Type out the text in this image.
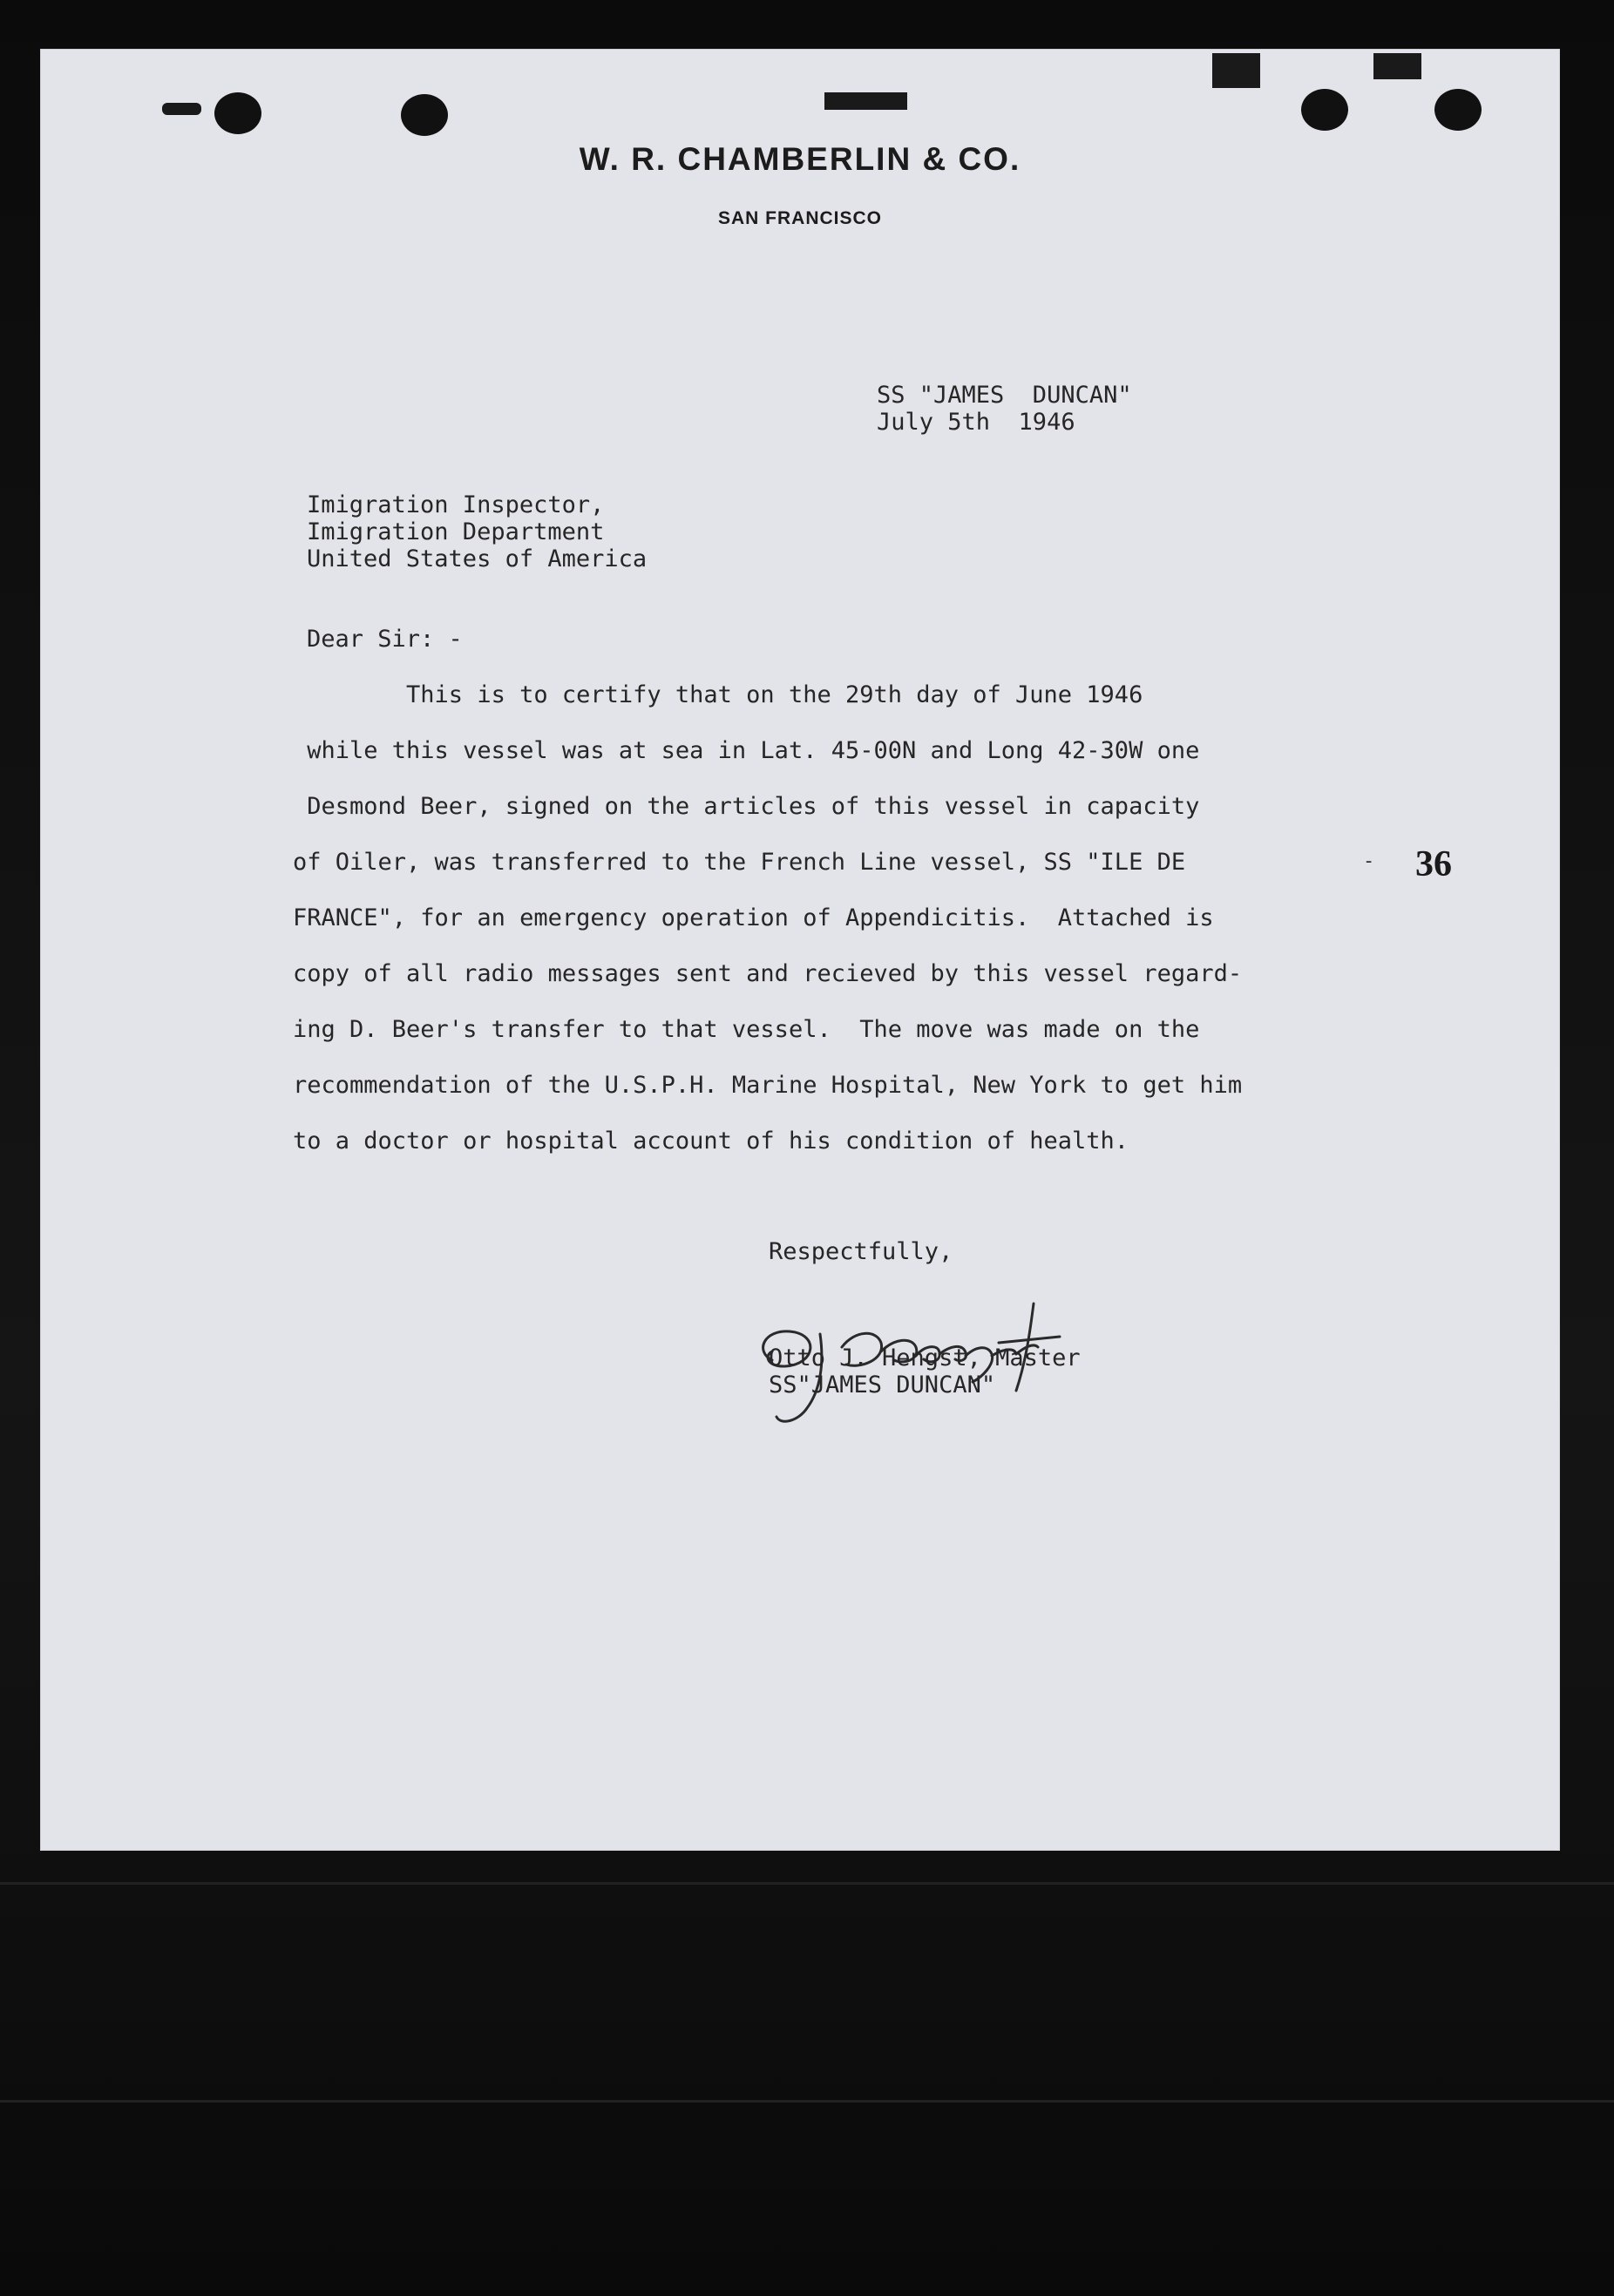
W. R. CHAMBERLIN & CO.
SAN FRANCISCO
SS "JAMES  DUNCAN"
July 5th  1946
Imigration Inspector,
Imigration Department
United States of America
Dear Sir: -
This is to certify that on the 29th day of June 1946
while this vessel was at sea in Lat. 45-00N and Long 42-30W one
Desmond Beer, signed on the articles of this vessel in capacity
of Oiler, was transferred to the French Line vessel, SS "ILE DE
FRANCE", for an emergency operation of Appendicitis.  Attached is
copy of all radio messages sent and recieved by this vessel regard-
ing D. Beer's transfer to that vessel.  The move was made on the
recommendation of the U.S.P.H. Marine Hospital, New York to get him
to a doctor or hospital account of his condition of health.
- 36
Respectfully,
Otto J. Hengst, Master
SS"JAMES DUNCAN"
